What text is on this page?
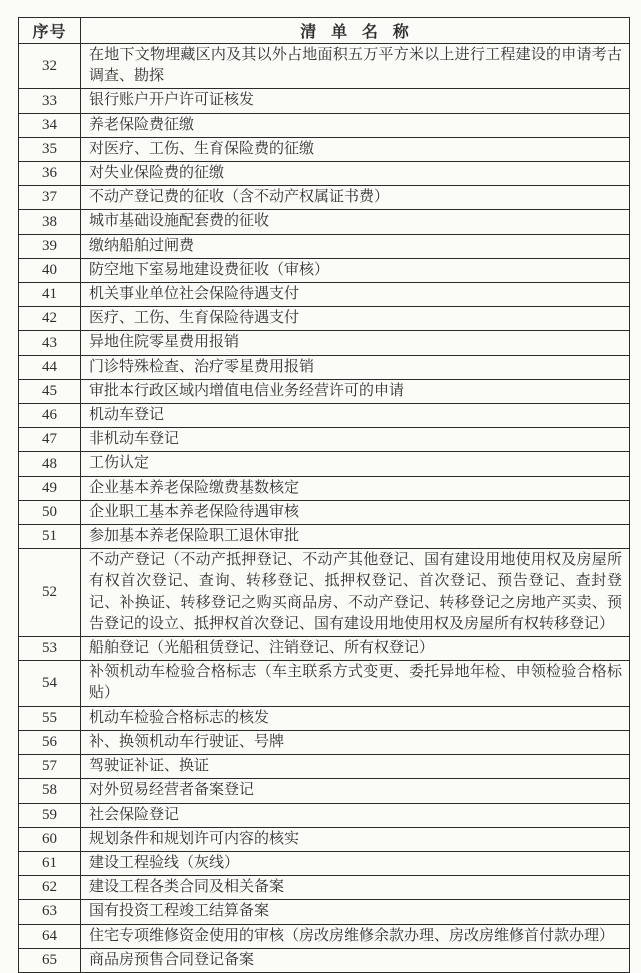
序号	清 单 名 称
32	在地下文物埋藏区内及其以外占地面积五万平方米以上进行工程建设的申请考古调查、勘探
33	银行账户开户许可证核发
34	养老保险费征缴
35	对医疗、工伤、生育保险费的征缴
36	对失业保险费的征缴
37	不动产登记费的征收（含不动产权属证书费）
38	城市基础设施配套费的征收
39	缴纳船舶过闸费
40	防空地下室易地建设费征收（审核）
41	机关事业单位社会保险待遇支付
42	医疗、工伤、生育保险待遇支付
43	异地住院零星费用报销
44	门诊特殊检查、治疗零星费用报销
45	审批本行政区域内增值电信业务经营许可的申请
46	机动车登记
47	非机动车登记
48	工伤认定
49	企业基本养老保险缴费基数核定
50	企业职工基本养老保险待遇审核
51	参加基本养老保险职工退休审批
52	不动产登记（不动产抵押登记、不动产其他登记、国有建设用地使用权及房屋所有权首次登记、查询、转移登记、抵押权登记、首次登记、预告登记、查封登记、补换证、转移登记之购买商品房、不动产登记、转移登记之房地产买卖、预告登记的设立、抵押权首次登记、国有建设用地使用权及房屋所有权转移登记）
53	船舶登记（光船租赁登记、注销登记、所有权登记）
54	补领机动车检验合格标志（车主联系方式变更、委托异地年检、申领检验合格标贴）
55	机动车检验合格标志的核发
56	补、换领机动车行驶证、号牌
57	驾驶证补证、换证
58	对外贸易经营者备案登记
59	社会保险登记
60	规划条件和规划许可内容的核实
61	建设工程验线（灰线）
62	建设工程各类合同及相关备案
63	国有投资工程竣工结算备案
64	住宅专项维修资金使用的审核（房改房维修余款办理、房改房维修首付款办理）
65	商品房预售合同登记备案
